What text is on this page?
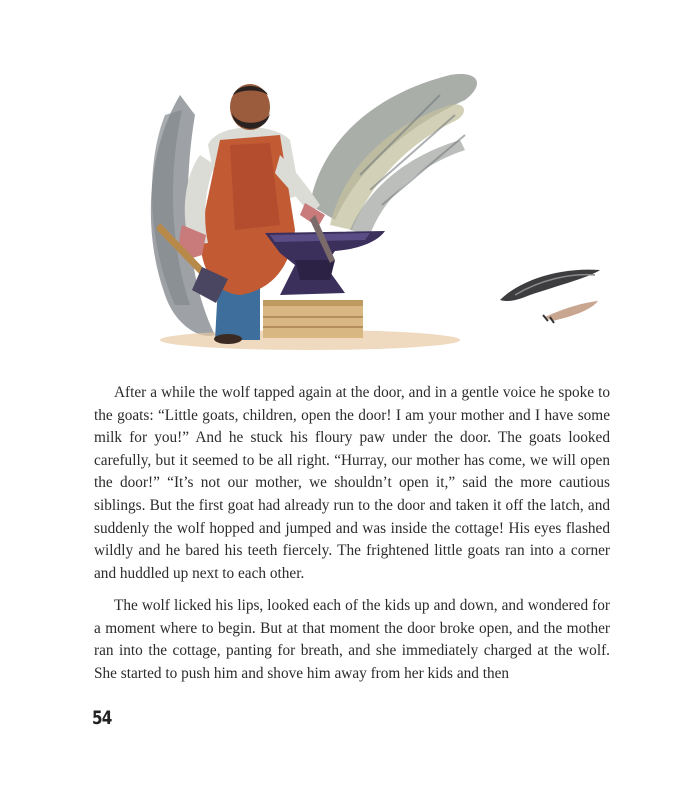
After a while the wolf tapped again at the door, and in a gentle voice he spoke to the goats: “Little goats, children, open the door! I am your mother and I have some milk for you!” And he stuck his floury paw under the door. The goats looked carefully, but it seemed to be all right. “Hurray, our mother has come, we will open the door!” “It’s not our mother, we shouldn’t open it,” said the more cautious siblings. But the first goat had already run to the door and taken it off the latch, and suddenly the wolf hopped and jumped and was inside the cottage! His eyes flashed wildly and he bared his teeth fiercely. The frightened little goats ran into a corner and huddled up next to each other.

The wolf licked his lips, looked each of the kids up and down, and wondered for a moment where to begin. But at that moment the door broke open, and the mother ran into the cottage, panting for breath, and she immediately charged at the wolf. She started to push him and shove him away from her kids and then

54
